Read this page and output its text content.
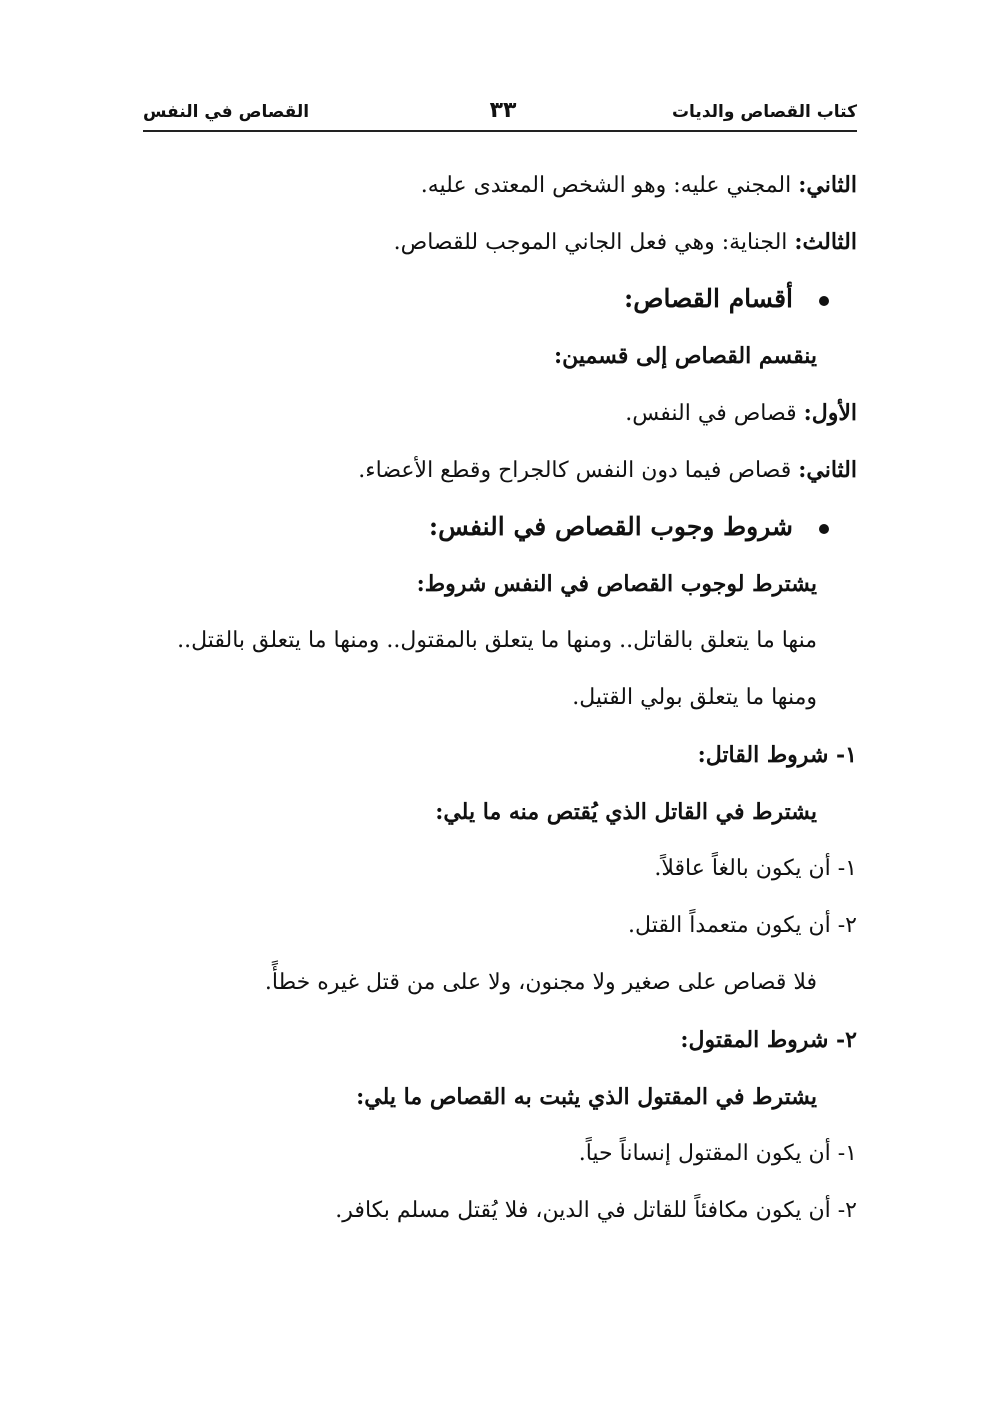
كتاب القصاص والديات
٣٣
القصاص في النفس
الثاني: المجني عليه: وهو الشخص المعتدى عليه.
الثالث: الجناية: وهي فعل الجاني الموجب للقصاص.
أقسام القصاص:
ينقسم القصاص إلى قسمين:
الأول: قصاص في النفس.
الثاني: قصاص فيما دون النفس كالجراح وقطع الأعضاء.
شروط وجوب القصاص في النفس:
يشترط لوجوب القصاص في النفس شروط:
منها ما يتعلق بالقاتل.. ومنها ما يتعلق بالمقتول.. ومنها ما يتعلق بالقتل..
ومنها ما يتعلق بولي القتيل.
١- شروط القاتل:
يشترط في القاتل الذي يُقتص منه ما يلي:
١- أن يكون بالغاً عاقلاً.
٢- أن يكون متعمداً القتل.
فلا قصاص على صغير ولا مجنون، ولا على من قتل غيره خطأً.
٢- شروط المقتول:
يشترط في المقتول الذي يثبت به القصاص ما يلي:
١- أن يكون المقتول إنساناً حياً.
٢- أن يكون مكافئاً للقاتل في الدين، فلا يُقتل مسلم بكافر.
